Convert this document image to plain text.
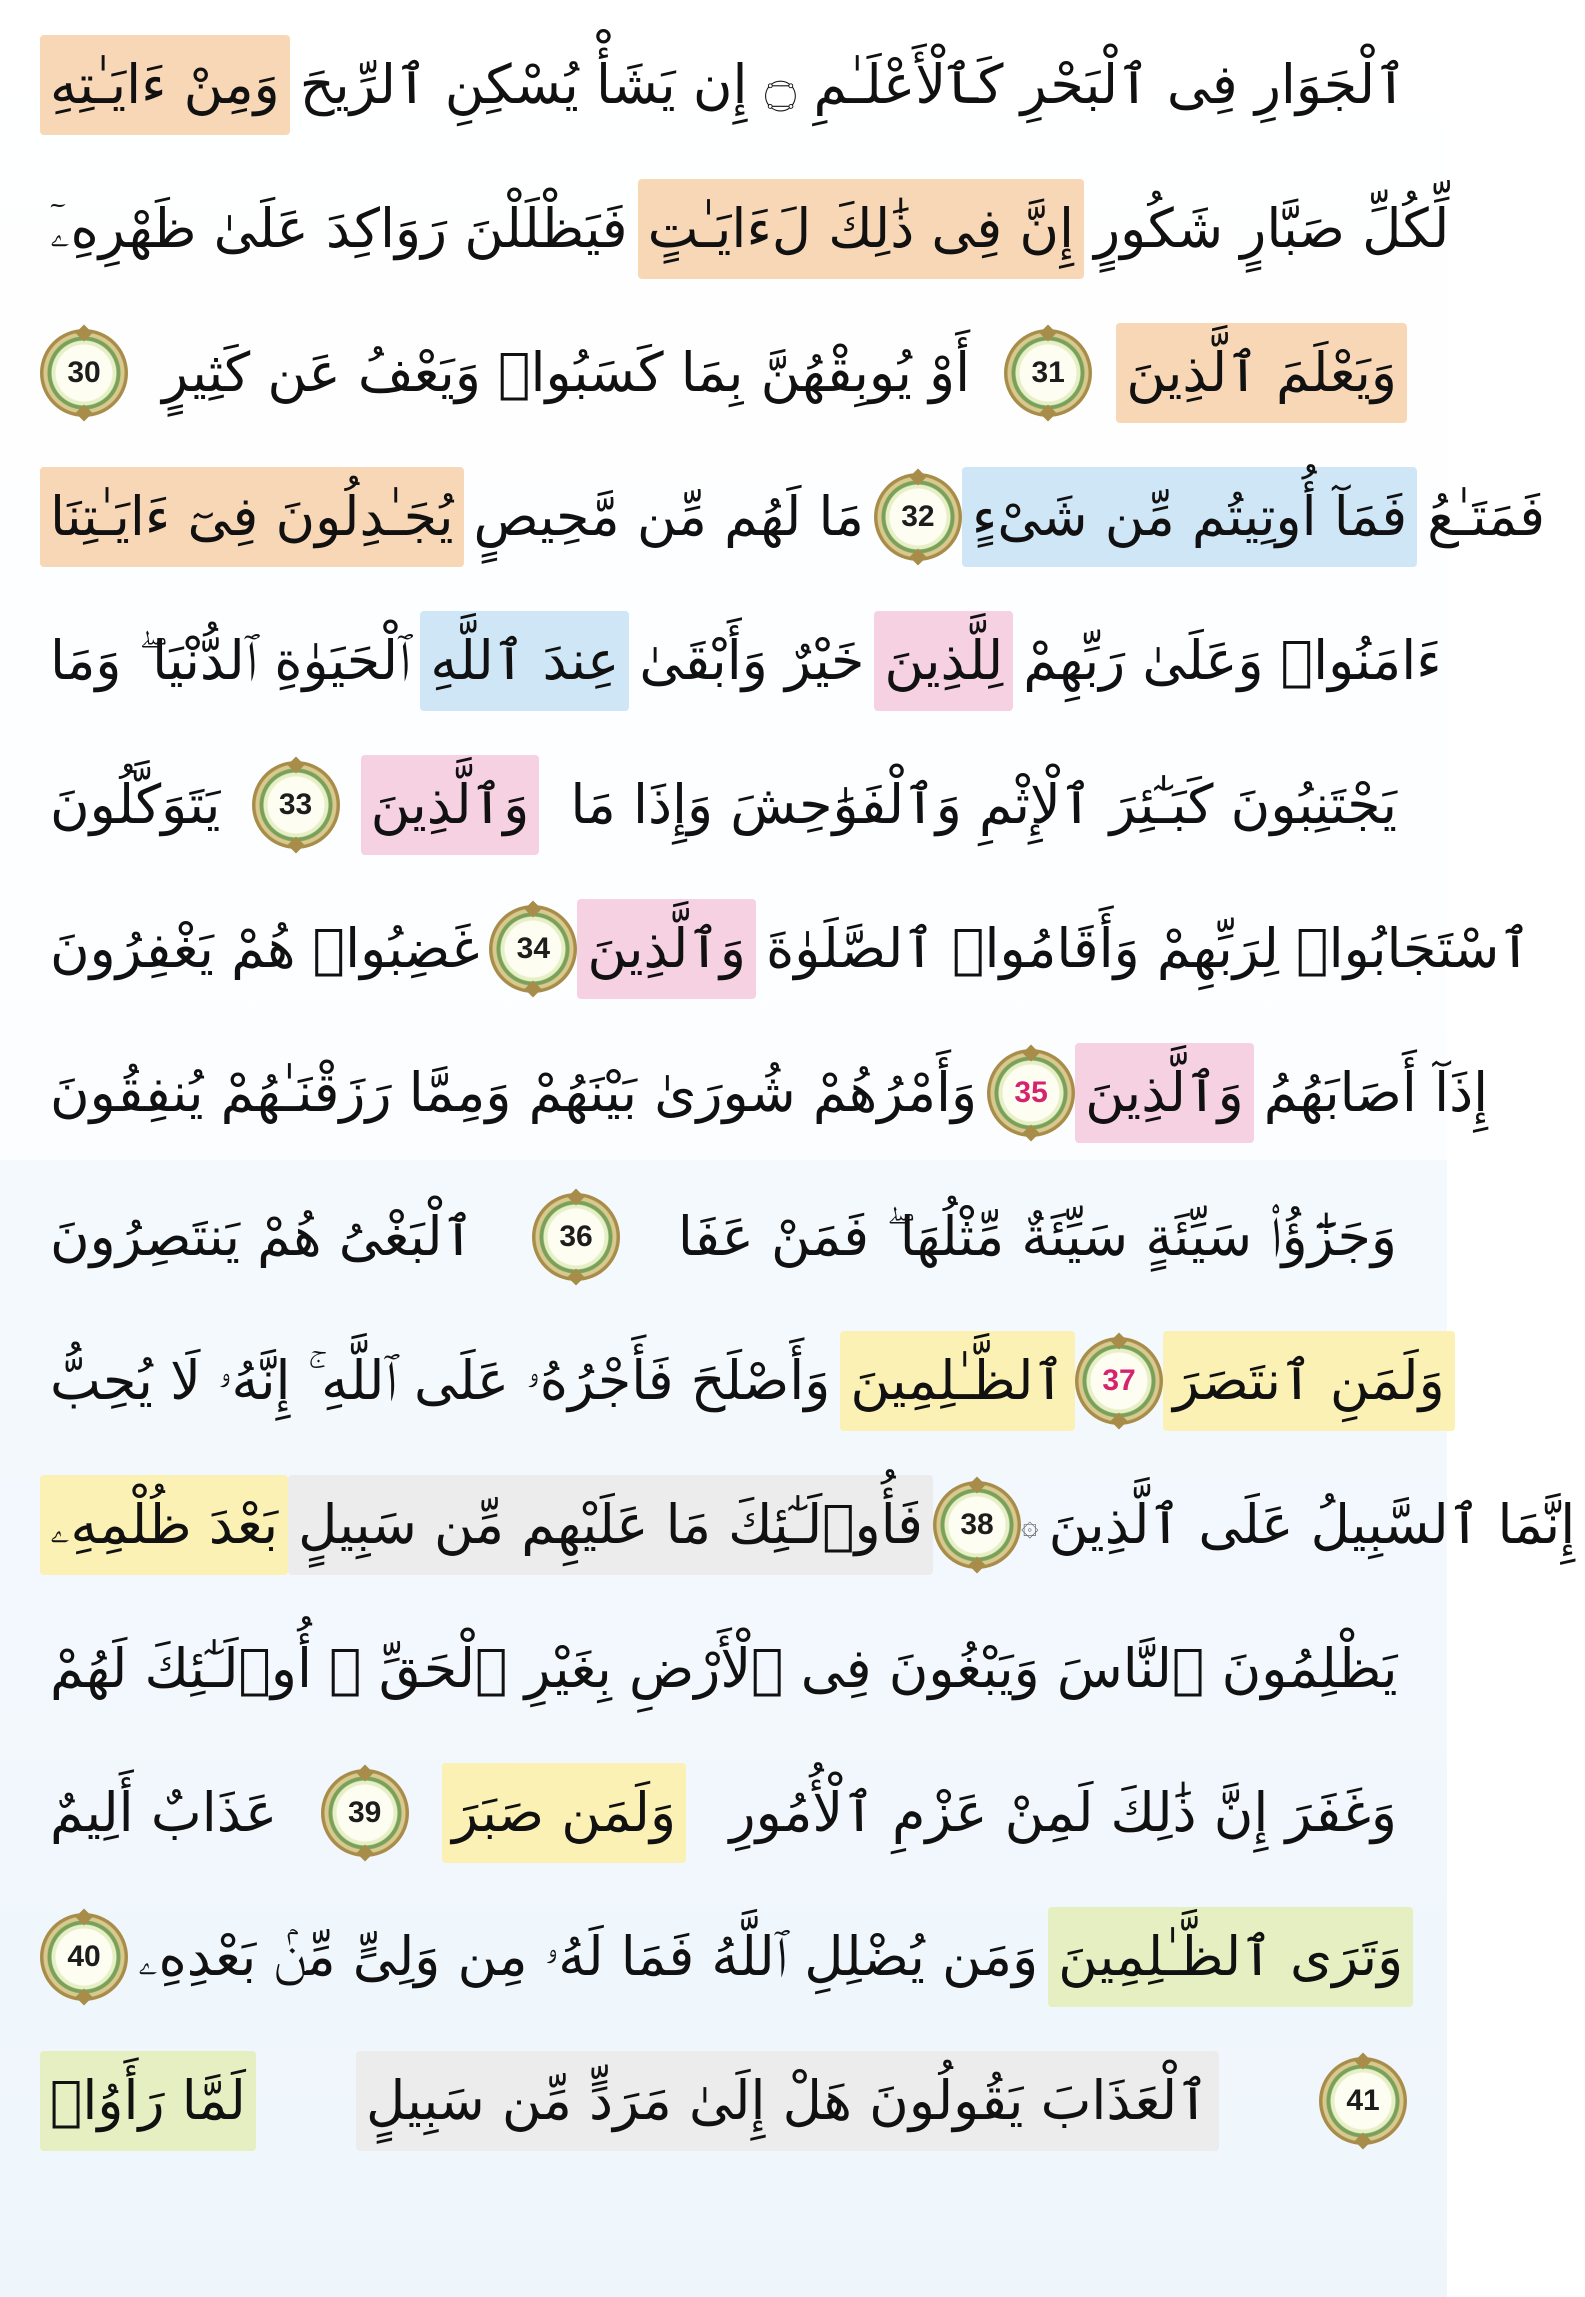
وَمِنْ ءَايَـٰتِهِ ٱلْجَوَارِ فِى ٱلْبَحْرِ كَٱلْأَعْلَـٰمِ ۝ إِن يَشَأْ يُسْكِنِ ٱلرِّيحَ
فَيَظْلَلْنَ رَوَاكِدَ عَلَىٰ ظَهْرِهِۦٓ إِنَّ فِى ذَٰلِكَ لَءَايَـٰتٍ لِّكُلِّ صَبَّارٍ شَكُورٍ
30 أَوْ يُوبِقْهُنَّ بِمَا كَسَبُوا۟ وَيَعْفُ عَن كَثِيرٍ	31 وَيَعْلَمَ ٱلَّذِينَ
يُجَـٰدِلُونَ فِىٓ ءَايَـٰتِنَا مَا لَهُم مِّن مَّحِيصٍ	32 فَمَآ أُوتِيتُم مِّن شَىْءٍ فَمَتَـٰعُ
ٱلْحَيَوٰةِ ٱلدُّنْيَا ۖ وَمَا عِندَ ٱللَّهِ خَيْرٌ وَأَبْقَىٰ لِلَّذِينَ ءَامَنُوا۟ وَعَلَىٰ رَبِّهِمْ
يَتَوَكَّلُونَ	33 وَٱلَّذِينَ يَجْتَنِبُونَ كَبَـٰٓئِرَ ٱلْإِثْمِ وَٱلْفَوَٰحِشَ وَإِذَا مَا
غَضِبُوا۟ هُمْ يَغْفِرُونَ	34 وَٱلَّذِينَ ٱسْتَجَابُوا۟ لِرَبِّهِمْ وَأَقَامُوا۟ ٱلصَّلَوٰةَ
وَأَمْرُهُمْ شُورَىٰ بَيْنَهُمْ وَمِمَّا رَزَقْنَـٰهُمْ يُنفِقُونَ	35 وَٱلَّذِينَ إِذَآ أَصَابَهُمُ
ٱلْبَغْىُ هُمْ يَنتَصِرُونَ	36 وَجَزَٰٓؤُا۟ سَيِّئَةٍ سَيِّئَةٌ مِّثْلُهَا ۖ فَمَنْ عَفَا
وَأَصْلَحَ فَأَجْرُهُۥ عَلَى ٱللَّهِ ۚ إِنَّهُۥ لَا يُحِبُّ ٱلظَّـٰلِمِينَ	37 وَلَمَنِ ٱنتَصَرَ
بَعْدَ ظُلْمِهِۦ فَأُو۟لَـٰٓئِكَ مَا عَلَيْهِم مِّن سَبِيلٍ	38 ۞ إِنَّمَا ٱلسَّبِيلُ عَلَى ٱلَّذِينَ
يَظْلِمُونَ ٱلنَّاسَ وَيَبْغُونَ فِى ٱلْأَرْضِ بِغَيْرِ ٱلْحَقِّ ۚ أُو۟لَـٰٓئِكَ لَهُمْ
عَذَابٌ أَلِيمٌ	39 وَلَمَن صَبَرَ وَغَفَرَ إِنَّ ذَٰلِكَ لَمِنْ عَزْمِ ٱلْأُمُورِ
40 وَمَن يُضْلِلِ ٱللَّهُ فَمَا لَهُۥ مِن وَلِىٍّ مِّنۢ بَعْدِهِۦ وَتَرَى ٱلظَّـٰلِمِينَ
لَمَّا رَأَوُا۟ ٱلْعَذَابَ يَقُولُونَ هَلْ إِلَىٰ مَرَدٍّ مِّن سَبِيلٍ	41
